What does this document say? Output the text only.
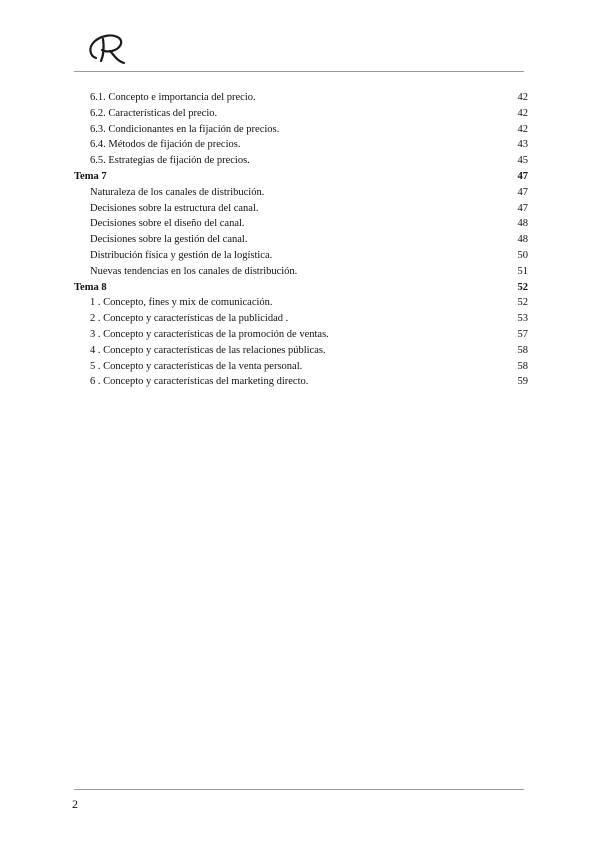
6.1. Concepto e importancia del precio.	42
6.2. Características del precio.	42
6.3. Condicionantes en la fijación de precios.	42
6.4. Métodos de fijación de precios.	43
6.5. Estrategias de fijación de precios.	45
Tema 7	47
Naturaleza de los canales de distribución.	47
Decisiones sobre la estructura del canal.	47
Decisiones sobre el diseño del canal.	48
Decisiones sobre la gestión del canal.	48
Distribución física y gestión de la logística.	50
Nuevas tendencias en los canales de distribución.	51
Tema 8	52
1 . Concepto, fines y mix de comunicación.	52
2 . Concepto y características de la publicidad .	53
3 . Concepto y características de la promoción de ventas.	57
4 . Concepto y características de las relaciones públicas.	58
5 . Concepto y características de la venta personal.	58
6 . Concepto y características del marketing directo.	59
2
